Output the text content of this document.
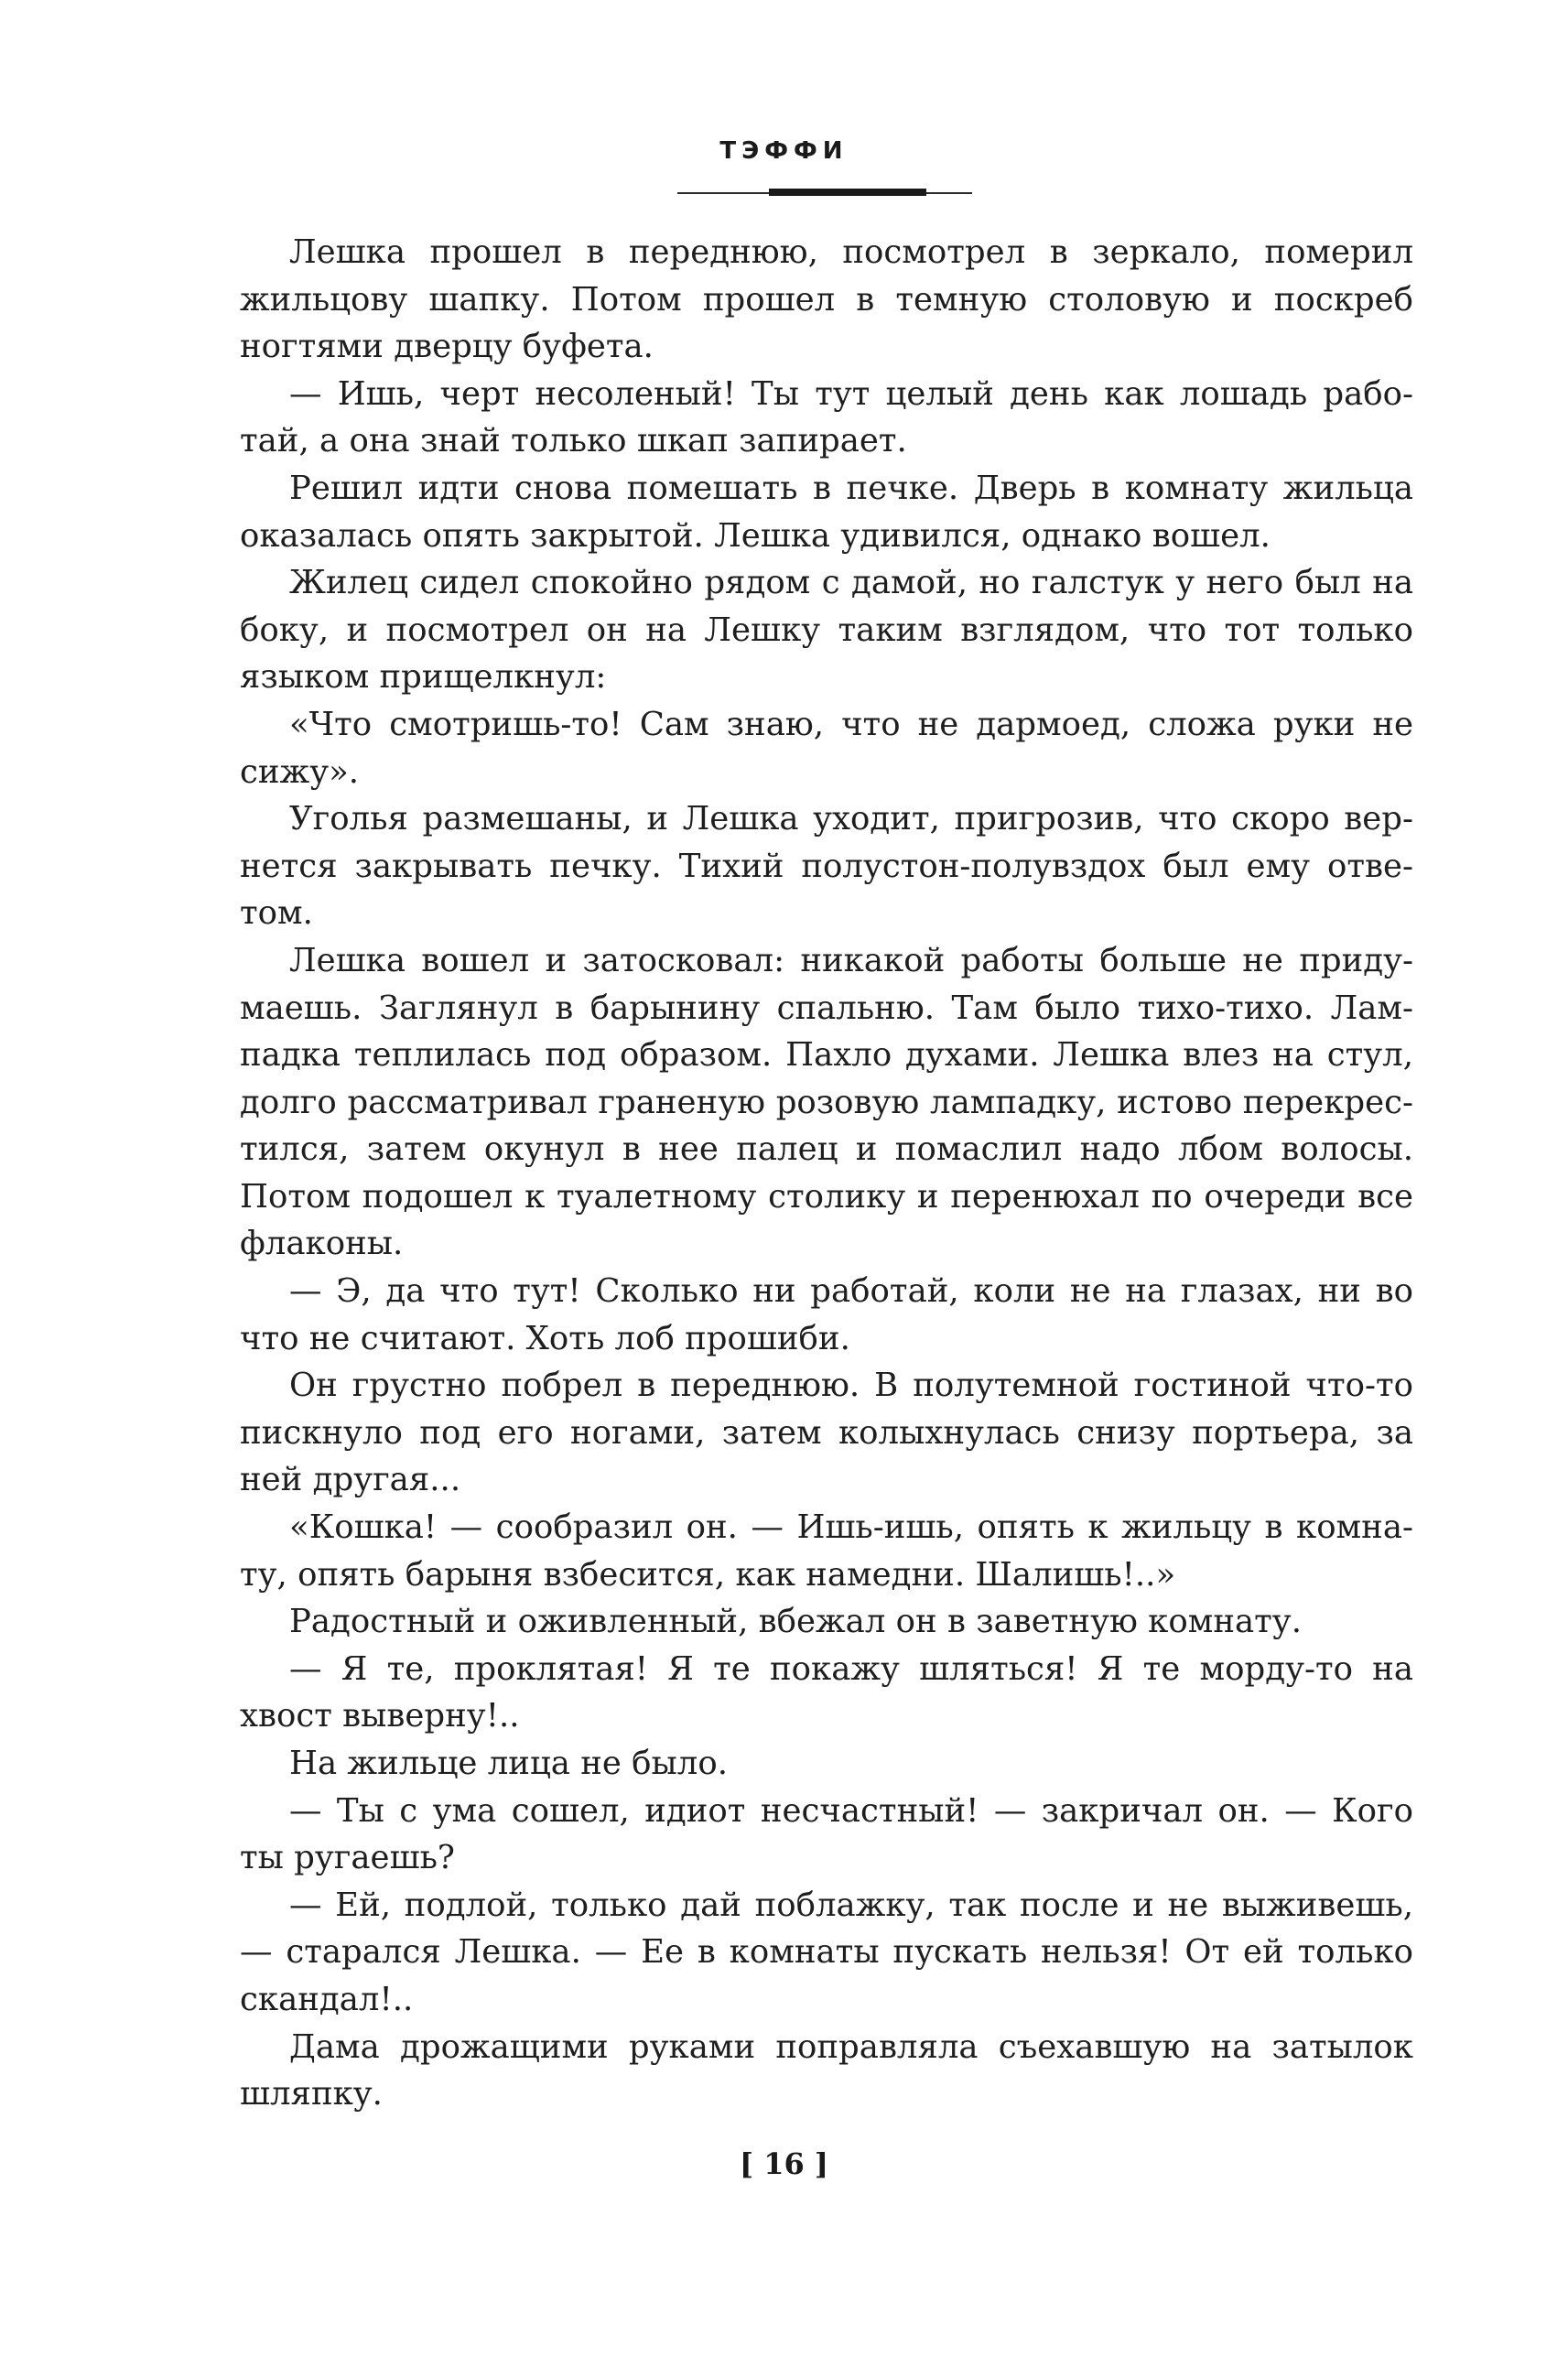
ТЭФФИ

Лешка прошел в переднюю, посмотрел в зеркало, померил жильцову шапку. Потом прошел в темную столовую и поскреб ногтями дверцу буфета.

— Ишь, черт несоленый! Ты тут целый день как лошадь работай, а она знай только шкап запирает.

Решил идти снова помешать в печке. Дверь в комнату жильца оказалась опять закрытой. Лешка удивился, однако вошел.

Жилец сидел спокойно рядом с дамой, но галстук у него был на боку, и посмотрел он на Лешку таким взглядом, что тот только языком прищелкнул:

«Что смотришь-то! Сам знаю, что не дармоед, сложа руки не сижу».

Уголья размешаны, и Лешка уходит, пригрозив, что скоро вернется закрывать печку. Тихий полустон-полувздох был ему ответом.

Лешка вошел и затосковал: никакой работы больше не придумаешь. Заглянул в барынину спальню. Там было тихо-тихо. Лампадка теплилась под образом. Пахло духами. Лешка влез на стул, долго рассматривал граненую розовую лампадку, истово перекрестился, затем окунул в нее палец и помаслил надо лбом волосы. Потом подошел к туалетному столику и перенюхал по очереди все флаконы.

— Э, да что тут! Сколько ни работай, коли не на глазах, ни во что не считают. Хоть лоб прошиби.

Он грустно побрел в переднюю. В полутемной гостиной что-то пискнуло под его ногами, затем колыхнулась снизу портьера, за ней другая...

«Кошка! — сообразил он. — Ишь-ишь, опять к жильцу в комнату, опять барыня взбесится, как намедни. Шалишь!..»

Радостный и оживленный, вбежал он в заветную комнату.

— Я те, проклятая! Я те покажу шляться! Я те морду-то на хвост выверну!..

На жильце лица не было.

— Ты с ума сошел, идиот несчастный! — закричал он. — Кого ты ругаешь?

— Ей, подлой, только дай поблажку, так после и не выживешь, — старался Лешка. — Ее в комнаты пускать нельзя! От ей только скандал!..

Дама дрожащими руками поправляла съехавшую на затылок шляпку.

[ 16 ]
